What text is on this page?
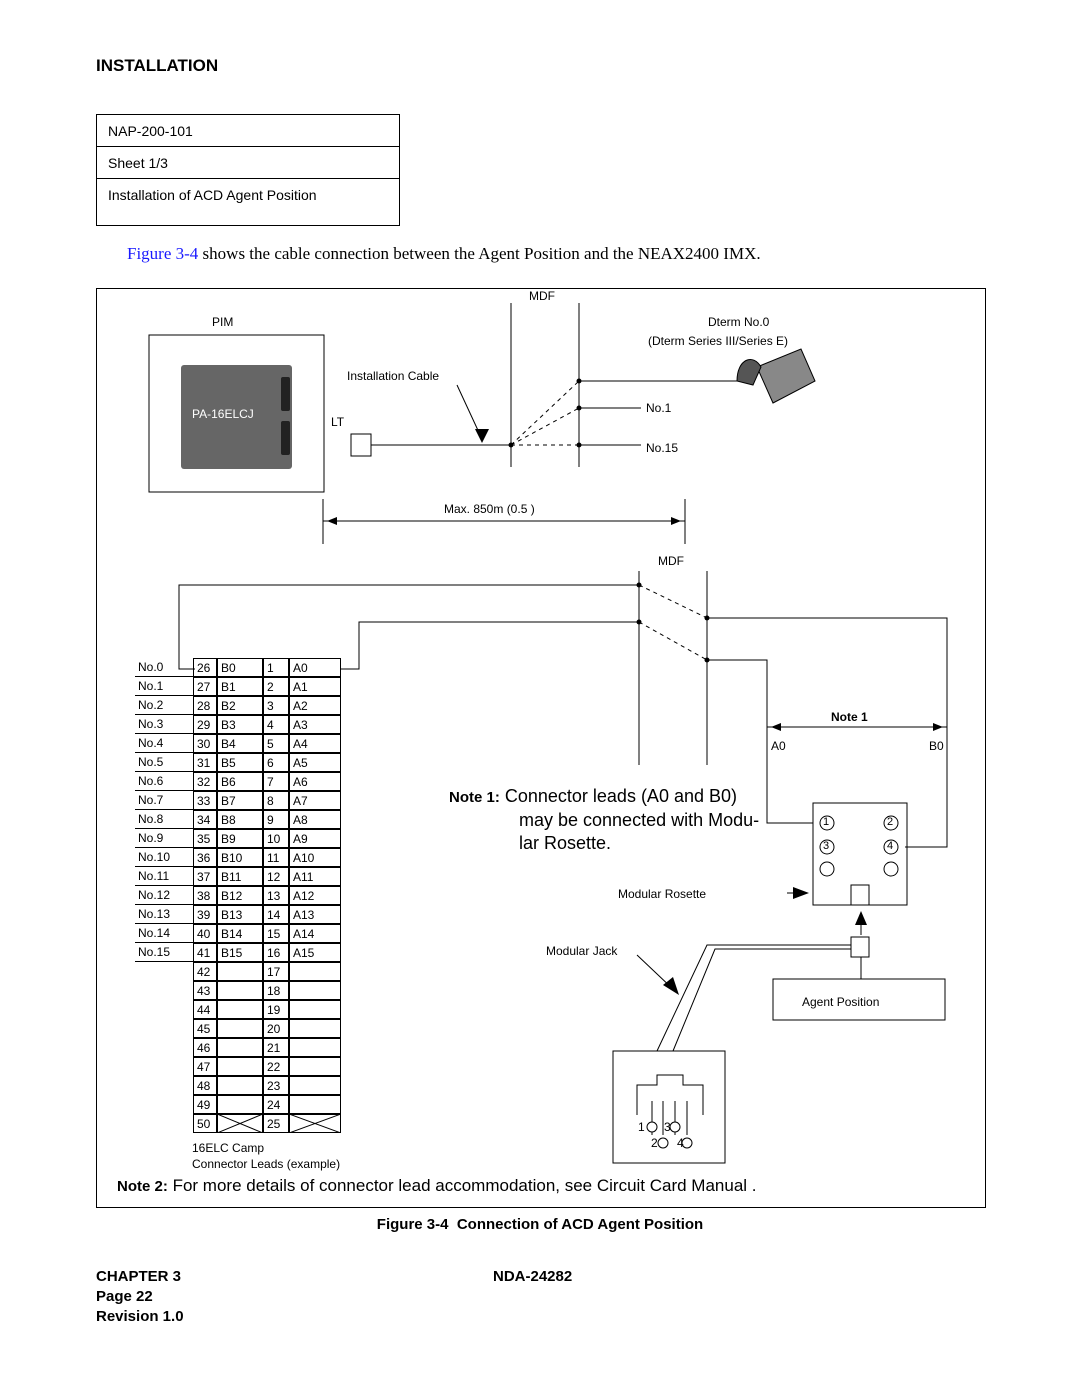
INSTALLATION
NAP-200-101
Sheet 1/3
Installation of ACD Agent Position
Figure 3-4 shows the cable connection between the Agent Position and the NEAX2400 IMX.
MDF
PIM
PA-16ELCJ
LT
Installation Cable
Dterm No.0
(Dterm Series III/Series E)
No.1
No.15
Max. 850m (0.5 )
MDF
Note 1
A0	B0
Note 1: Connector leads (A0 and B0)
may be connected with Modu-
lar Rosette.
Modular Rosette
Modular Jack
Agent Position
1	2
3	4
1 3
2 4
No.0	26 B0	1	A0
No.1	27 B1	2	A1
No.2	28 B2	3	A2
No.3	29 B3	4	A3
No.4	30 B4	5	A4
No.5	31 B5	6	A5
No.6	32 B6	7	A6
No.7	33 B7	8	A7
No.8	34 B8	9	A8
No.9	35 B9	10	A9
No.10	36 B10	11	A10
No.11	37 B11	12	A11
No.12	38 B12	13	A12
No.13	39 B13	14	A13
No.14	40 B14	15	A14
No.15	41 B15	16	A15
42	17
43	18
44	19
45	20
46	21
47	22
48	23
49	24
50	25
16ELC Camp
Connector Leads (example)
Note 2: For more details of connector lead accommodation, see Circuit Card Manual .
Figure 3-4 Connection of ACD Agent Position
CHAPTER 3	NDA-24282
Page 22
Revision 1.0
